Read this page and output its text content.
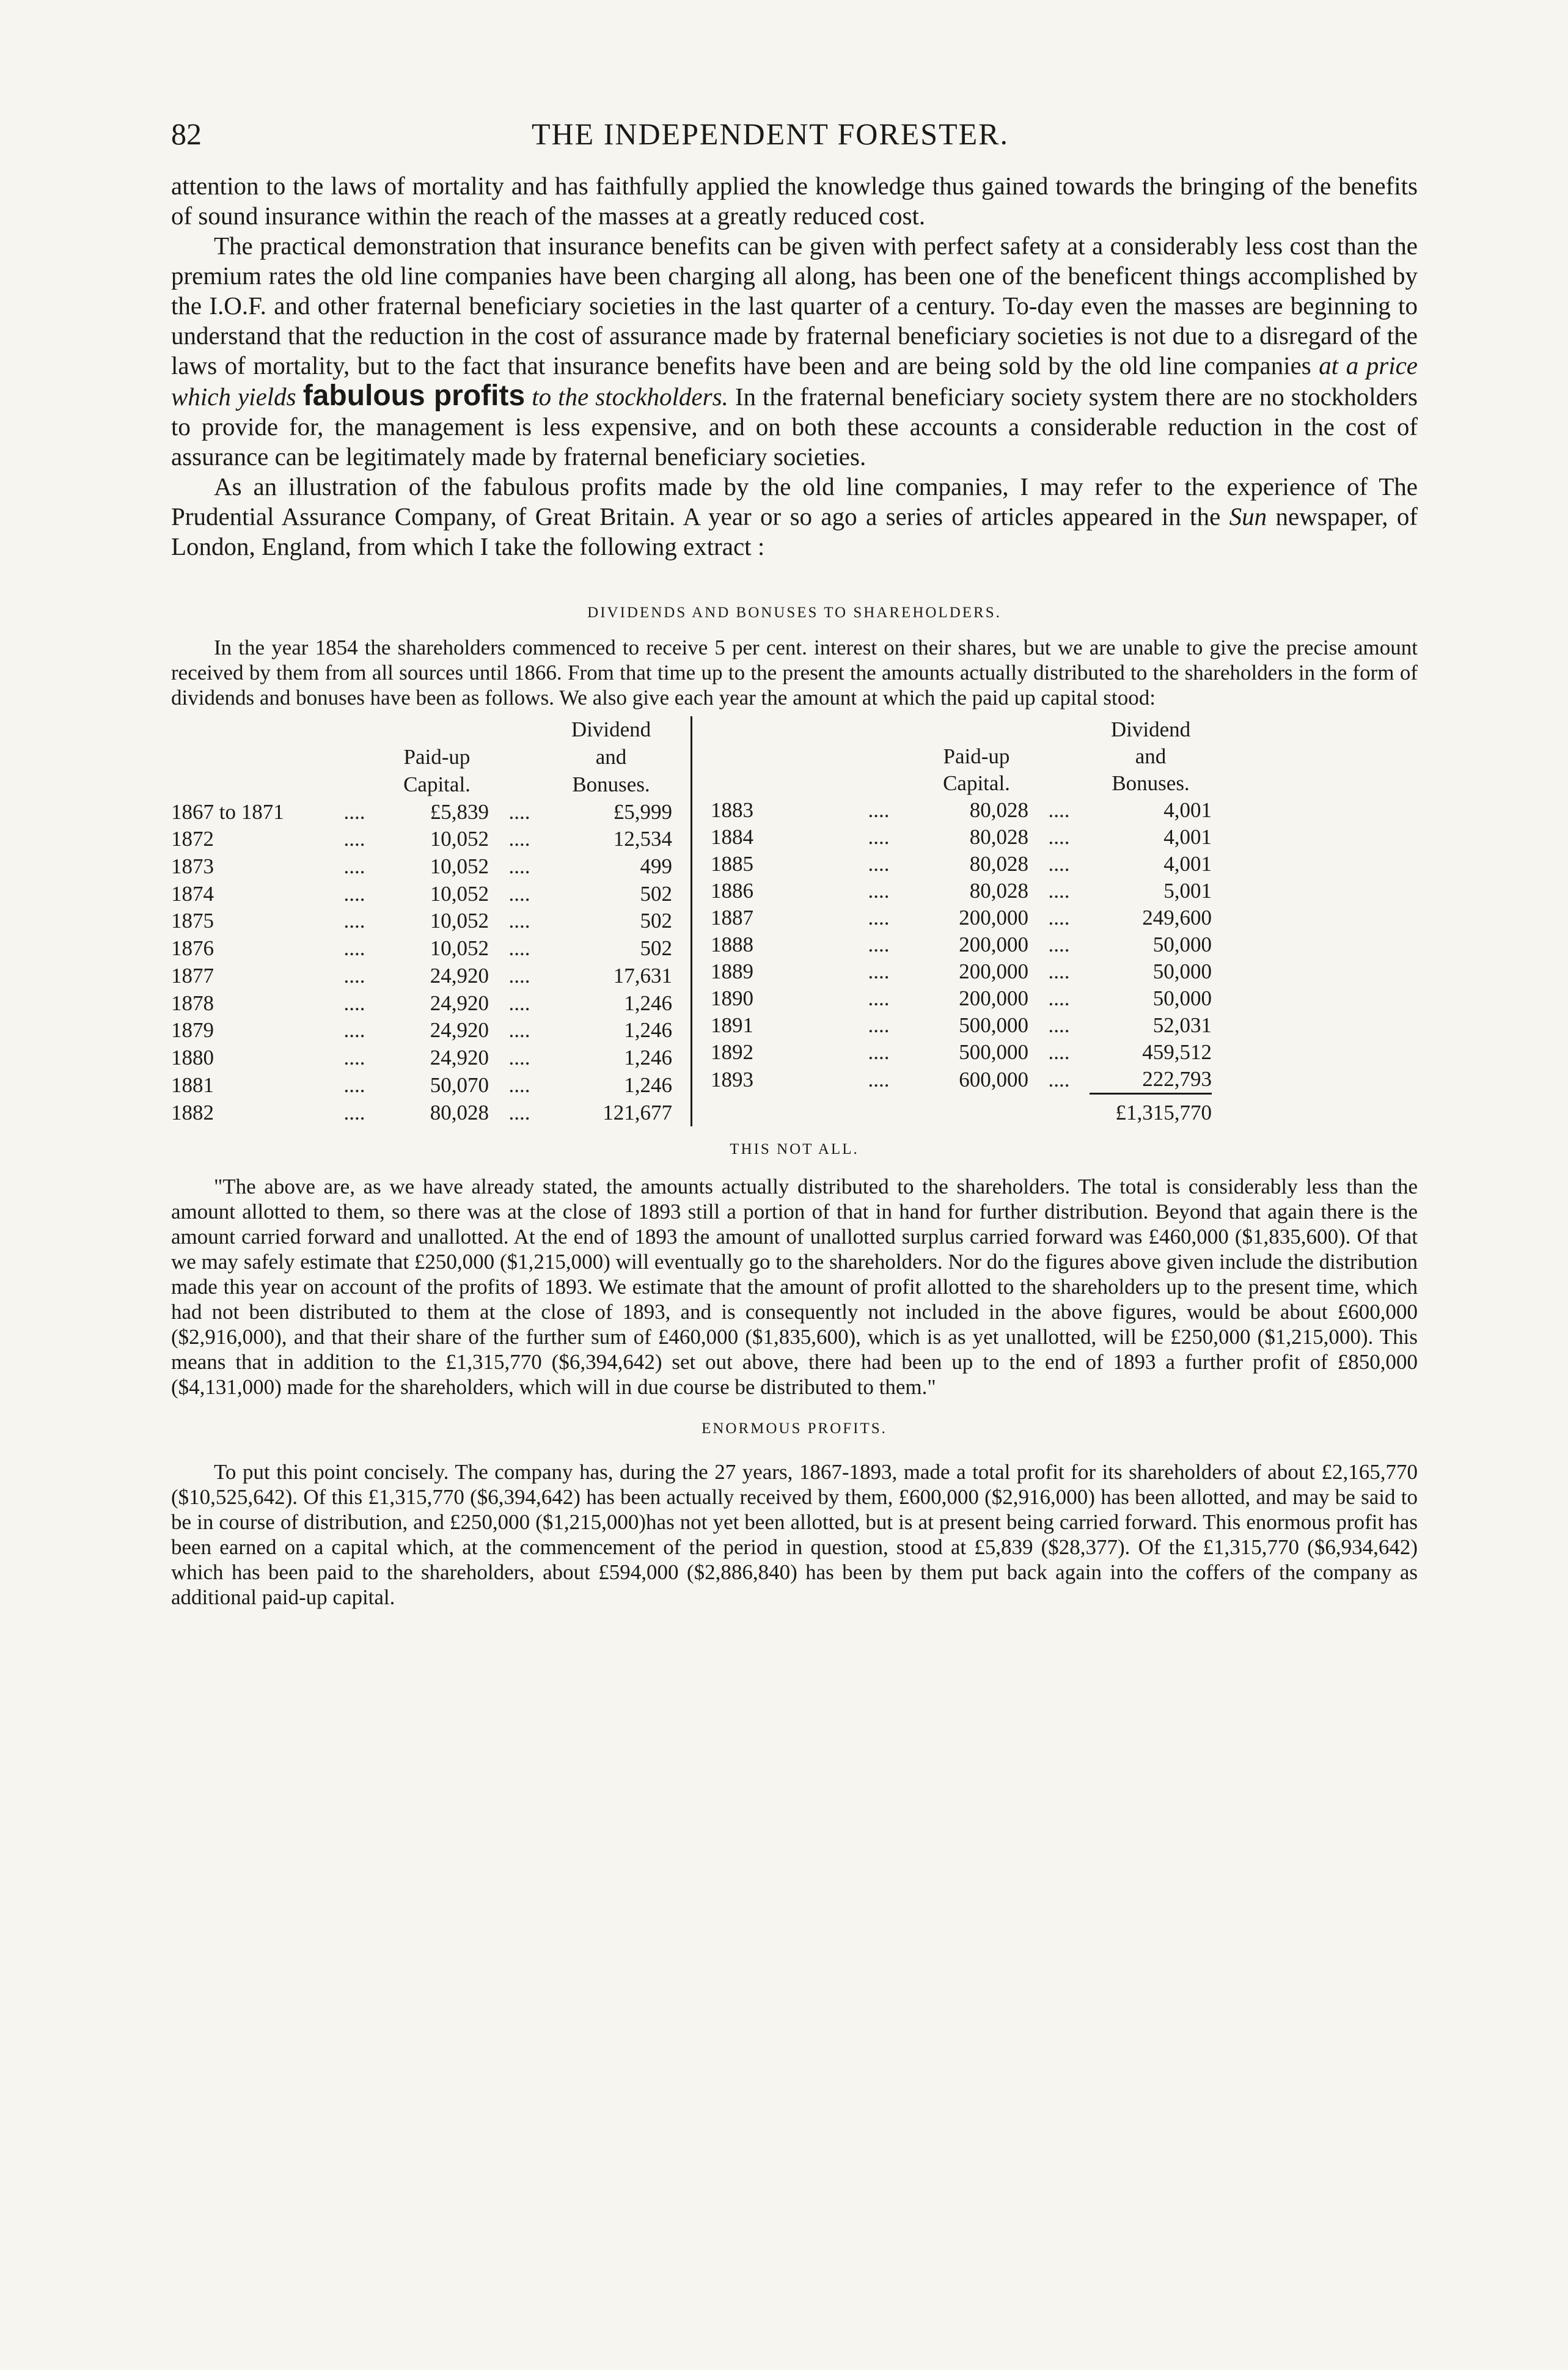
82	THE INDEPENDENT FORESTER.

attention to the laws of mortality and has faithfully applied the knowledge thus gained towards the bringing of the benefits of sound insurance within the reach of the masses at a greatly reduced cost.

The practical demonstration that insurance benefits can be given with perfect safety at a considerably less cost than the premium rates the old line companies have been charging all along, has been one of the beneficent things accomplished by the I.O.F. and other fraternal beneficiary societies in the last quarter of a century. To-day even the masses are beginning to understand that the reduction in the cost of assurance made by fraternal beneficiary societies is not due to a disregard of the laws of mortality, but to the fact that insurance benefits have been and are being sold by the old line companies at a price which yields fabulous profits to the stockholders. In the fraternal beneficiary society system there are no stockholders to provide for, the management is less expensive, and on both these accounts a considerable reduction in the cost of assurance can be legitimately made by fraternal beneficiary societies.

As an illustration of the fabulous profits made by the old line companies, I may refer to the experience of The Prudential Assurance Company, of Great Britain. A year or so ago a series of articles appeared in the Sun newspaper, of London, England, from which I take the following extract :

DIVIDENDS AND BONUSES TO SHAREHOLDERS.

In the year 1854 the shareholders commenced to receive 5 per cent. interest on their shares, but we are unable to give the precise amount received by them from all sources until 1866. From that time up to the present the amounts actually distributed to the shareholders in the form of dividends and bonuses have been as follows. We also give each year the amount at which the paid up capital stood:

				Dividend
		Paid-up		and
		Capital.		Bonuses.
1867 to 1871	....	£5,839	....	£5,999
1872	....	10,052	....	12,534
1873	....	10,052	....	499
1874	....	10,052	....	502
1875	....	10,052	....	502
1876	....	10,052	....	502
1877	....	24,920	....	17,631
1878	....	24,920	....	1,246
1879	....	24,920	....	1,246
1880	....	24,920	....	1,246
1881	....	50,070	....	1,246
1882	....	80,028	....	121,677
				Dividend
		Paid-up		and
		Capital.		Bonuses.
1883	....	80,028	....	4,001
1884	....	80,028	....	4,001
1885	....	80,028	....	4,001
1886	....	80,028	....	5,001
1887	....	200,000	....	249,600
1888	....	200,000	....	50,000
1889	....	200,000	....	50,000
1890	....	200,000	....	50,000
1891	....	500,000	....	52,031
1892	....	500,000	....	459,512
1893	....	600,000	....	222,793
				£1,315,770

THIS NOT ALL.

"The above are, as we have already stated, the amounts actually distributed to the shareholders. The total is considerably less than the amount allotted to them, so there was at the close of 1893 still a portion of that in hand for further distribution. Beyond that again there is the amount carried forward and unallotted. At the end of 1893 the amount of unallotted surplus carried forward was £460,000 ($1,835,600). Of that we may safely estimate that £250,000 ($1,215,000) will eventually go to the shareholders. Nor do the figures above given include the distribution made this year on account of the profits of 1893. We estimate that the amount of profit allotted to the shareholders up to the present time, which had not been distributed to them at the close of 1893, and is consequently not included in the above figures, would be about £600,000 ($2,916,000), and that their share of the further sum of £460,000 ($1,835,600), which is as yet unallotted, will be £250,000 ($1,215,000). This means that in addition to the £1,315,770 ($6,394,642) set out above, there had been up to the end of 1893 a further profit of £850,000 ($4,131,000) made for the shareholders, which will in due course be distributed to them."

ENORMOUS PROFITS.

To put this point concisely. The company has, during the 27 years, 1867-1893, made a total profit for its shareholders of about £2,165,770 ($10,525,642). Of this £1,315,770 ($6,394,642) has been actually received by them, £600,000 ($2,916,000) has been allotted, and may be said to be in course of distribution, and £250,000 ($1,215,000)has not yet been allotted, but is at present being carried forward. This enormous profit has been earned on a capital which, at the commencement of the period in question, stood at £5,839 ($28,377). Of the £1,315,770 ($6,934,642) which has been paid to the shareholders, about £594,000 ($2,886,840) has been by them put back again into the coffers of the company as additional paid-up capital.
